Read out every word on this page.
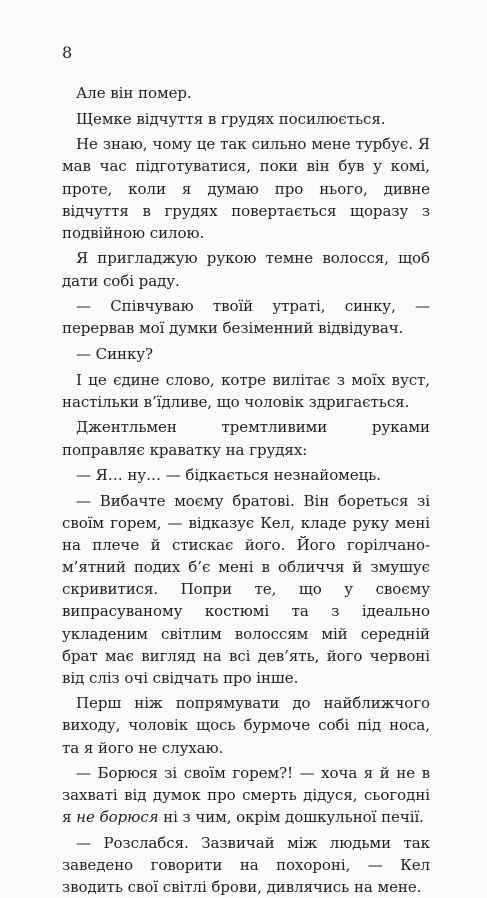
8

Але він помер.

Щемке відчуття в грудях посилюється.

Не знаю, чому це так сильно мене турбує. Я мав час підготуватися, поки він був у комі, проте, коли я думаю про нього, дивне відчуття в грудях повертається щоразу з подвійною силою.

Я пригладжую рукою темне волосся, щоб дати собі раду.

— Співчуваю твоїй утраті, синку, — перервав мої думки безіменний відвідувач.

— Синку?

І це єдине слово, котре вилітає з моїх вуст, настільки в’їдливе, що чоловік здригається.

Джентльмен тремтливими руками поправляє краватку на грудях:

— Я… ну… — бідкається незнайомець.

— Вибачте моєму братові. Він бореться зі своїм горем, — відказує Кел, кладе руку мені на плече й стискає його. Його горілчано-м’ятний подих б’є мені в обличчя й змушує скривитися. Попри те, що у своєму випрасуваному костюмі та з ідеально укладеним світлим волоссям мій середній брат має вигляд на всі дев’ять, його червоні від сліз очі свідчать про інше.

Перш ніж попрямувати до найближчого виходу, чоловік щось бурмоче собі під носа, та я його не слухаю.

— Борюся зі своїм горем?! — хоча я й не в захваті від думок про смерть дідуся, сьогодні я не борюся ні з чим, окрім дошкульної печії.

— Розслабся. Зазвичай між людьми так заведено говорити на похороні, — Кел зводить свої світлі брови, дивлячись на мене.
